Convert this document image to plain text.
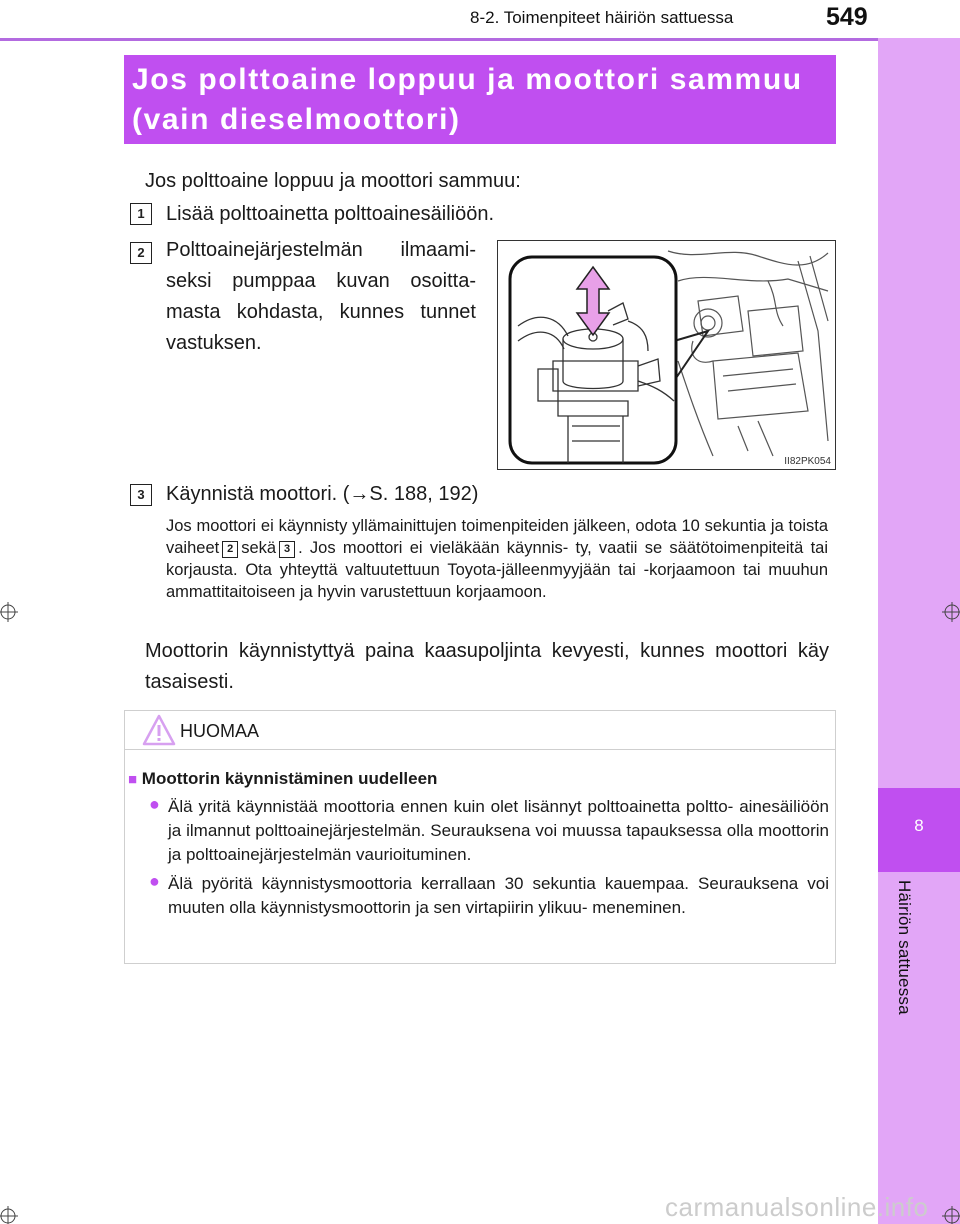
8-2. Toimenpiteet häiriön sattuessa	549
8
Häiriön sattuessa
Jos polttoaine loppuu ja moottori sammuu (vain dieselmoottori)
Jos polttoaine loppuu ja moottori sammuu:
1	Lisää polttoainetta polttoainesäiliöön.
2	Polttoainejärjestelmän ilmaami-
seksi pumppaa kuvan osoitta-
masta kohdasta, kunnes tunnet
vastuksen.
II82PK054
3	Käynnistä moottori. (→S. 188, 192)
Jos moottori ei käynnisty yllämainittujen toimenpiteiden jälkeen, odota 10 sekuntia ja toista vaiheet 2 sekä 3 . Jos moottori ei vieläkään käynnis- ty, vaatii se säätötoimenpiteitä tai korjausta. Ota yhteyttä valtuutettuun Toyota-jälleenmyyjään tai -korjaamoon tai muuhun ammattitaitoiseen ja hyvin varustettuun korjaamoon.
Moottorin käynnistyttyä paina kaasupoljinta kevyesti, kunnes moottori käy tasaisesti.
HUOMAA
■ Moottorin käynnistäminen uudelleen
● Älä yritä käynnistää moottoria ennen kuin olet lisännyt polttoainetta poltto- ainesäiliöön ja ilmannut polttoainejärjestelmän. Seurauksena voi muussa tapauksessa olla moottorin ja polttoainejärjestelmän vaurioituminen.
● Älä pyöritä käynnistysmoottoria kerrallaan 30 sekuntia kauempaa. Seurauksena voi muuten olla käynnistysmoottorin ja sen virtapiirin ylikuu- meneminen.
carmanualsonline.info
